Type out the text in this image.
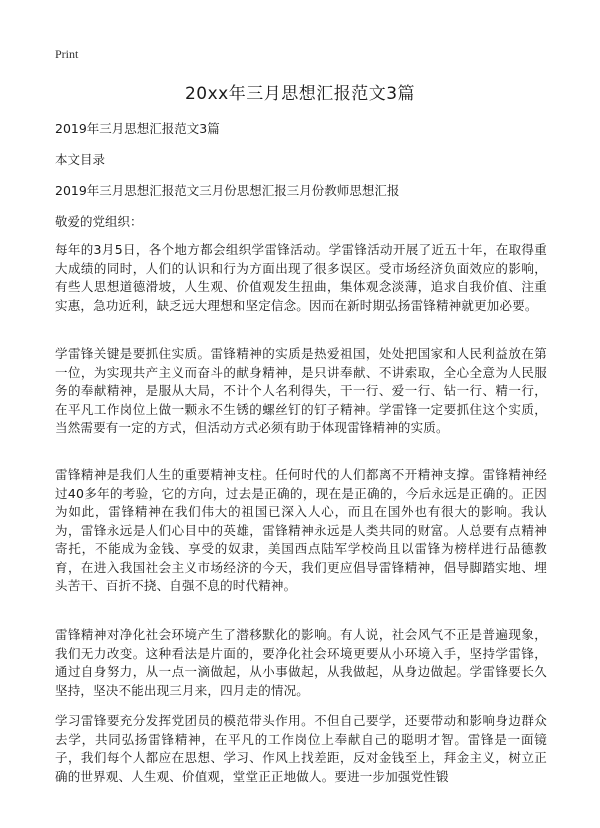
Print
20xx年三月思想汇报范文3篇
2019年三月思想汇报范文3篇
本文目录
2019年三月思想汇报范文三月份思想汇报三月份教师思想汇报
敬爱的党组织：

每年的3月5日，各个地方都会组织学雷锋活动。学雷锋活动开展了近五十年，在取得重大成绩的同时，人们的认识和行为方面出现了很多误区。受市场经济负面效应的影响，有些人思想道德滑坡，人生观、价值观发生扭曲，集体观念淡薄，追求自我价值、注重实惠，急功近利，缺乏远大理想和坚定信念。因而在新时期弘扬雷锋精神就更加必要。

学雷锋关键是要抓住实质。雷锋精神的实质是热爱祖国，处处把国家和人民利益放在第一位，为实现共产主义而奋斗的献身精神，是只讲奉献、不讲索取，全心全意为人民服务的奉献精神，是服从大局，不计个人名利得失，干一行、爱一行、钻一行、精一行，在平凡工作岗位上做一颗永不生锈的螺丝钉的钉子精神。学雷锋一定要抓住这个实质，当然需要有一定的方式，但活动方式必须有助于体现雷锋精神的实质。

雷锋精神是我们人生的重要精神支柱。任何时代的人们都离不开精神支撑。雷锋精神经过40多年的考验，它的方向，过去是正确的，现在是正确的，今后永远是正确的。正因为如此，雷锋精神在我们伟大的祖国已深入人心，而且在国外也有很大的影响。我认为，雷锋永远是人们心目中的英雄，雷锋精神永远是人类共同的财富。人总要有点精神寄托，不能成为金钱、享受的奴隶，美国西点陆军学校尚且以雷锋为榜样进行品德教育，在进入我国社会主义市场经济的今天，我们更应倡导雷锋精神，倡导脚踏实地、埋头苦干、百折不挠、自强不息的时代精神。

雷锋精神对净化社会环境产生了潜移默化的影响。有人说，社会风气不正是普遍现象，我们无力改变。这种看法是片面的，要净化社会环境更要从小环境入手，坚持学雷锋，通过自身努力，从一点一滴做起，从小事做起，从我做起，从身边做起。学雷锋要长久坚持，坚决不能出现三月来，四月走的情况。

学习雷锋要充分发挥党团员的模范带头作用。不但自己要学，还要带动和影响身边群众去学，共同弘扬雷锋精神，在平凡的工作岗位上奉献自己的聪明才智。雷锋是一面镜子，我们每个人都应在思想、学习、作风上找差距，反对金钱至上，拜金主义，树立正确的世界观、人生观、价值观，堂堂正正地做人。要进一步加强党性锻
